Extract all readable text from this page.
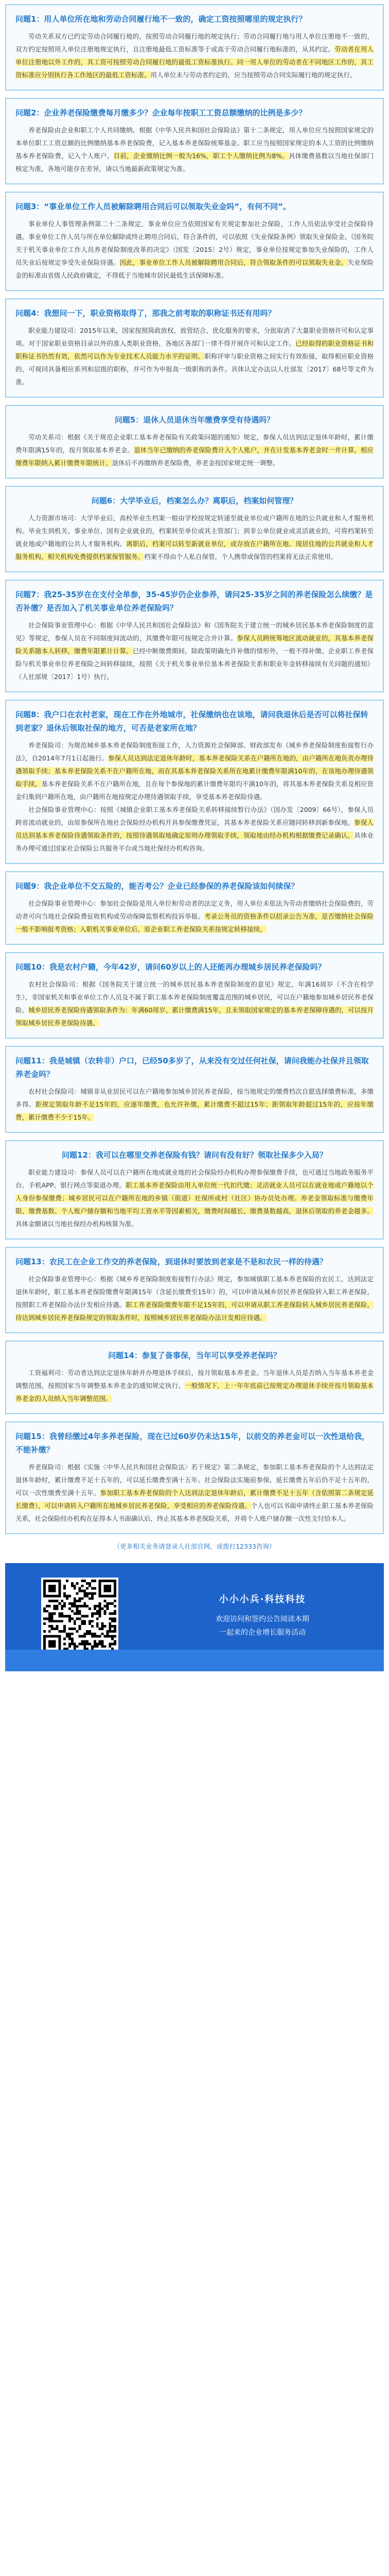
问题1：用人单位所在地和劳动合同履行地不一致的，确定工资按照哪里的规定执行？

劳动关系双方已约定劳动合同履行地的，按照劳动合同履行地的规定执行；劳动合同履行地与用人单位注册地不一致的，双方约定按照用人单位注册地规定执行，且注册地最低工资标准等于或高于劳动合同履行地标准的，从其约定。劳动者在用人单位注册地以外工作的，其工资可按照劳动合同履行地的最低工资标准执行。同一用人单位的劳动者在不同地区工作的，其工资标准应分别执行各工作地区的最低工资标准。用人单位未与劳动者约定的，应当按照劳动合同实际履行地的规定执行。

问题2：企业养老保险缴费每月缴多少？企业每年按职工工资总额缴纳的比例是多少？

养老保险由企业和职工个人共同缴纳。根据《中华人民共和国社会保险法》第十二条规定，用人单位应当按照国家规定的本单位职工工资总额的比例缴纳基本养老保险费，记入基本养老保险统筹基金。职工应当按照国家规定的本人工资的比例缴纳基本养老保险费，记入个人账户。目前，企业缴纳比例一般为16%，职工个人缴纳比例为8%。具体缴费基数以当地社保部门核定为准，各地可能存在差异，请以当地最新政策规定为准。

问题3：“事业单位工作人员被解除聘用合同后可以领取失业金吗”，有何不同”。

事业单位人事管理条例第二十二条规定，事业单位应当依照国家有关规定参加社会保险，工作人员依法享受社会保险待遇。事业单位工作人员与所在单位解除或终止聘用合同后，符合条件的，可以依照《失业保险条例》领取失业保险金。《国务院关于机关事业单位工作人员养老保险制度改革的决定》（国发〔2015〕2号）规定，事业单位按规定参加失业保险的，工作人员失业后按规定享受失业保险待遇。因此，事业单位工作人员被解除聘用合同后，符合领取条件的可以领取失业金。失业保险金的标准由省级人民政府确定，不得低于当地城市居民最低生活保障标准。

问题4：我想问一下，职业资格取得了，那我之前考取的职称证书还有用吗？

职业能力建设司：2015年以来，国家按照简政放权、放管结合、优化服务的要求，分批取消了大量职业资格许可和认定事项。对于国家职业资格目录以外的准入类职业资格，各地区各部门一律不得开展许可和认定工作。已经取得的职业资格证书和职称证书仍然有效，依然可以作为专业技术人员能力水平的证明。职称评审与职业资格之间实行有效衔接，取得相应职业资格的，可视同具备相应系列和层级的职称，并可作为申报高一级职称的条件。具体认定办法以人社部发〔2017〕68号等文件为准。

问题5：退休人员退休当年缴费享受有待遇吗？

劳动关系司：根据《关于规范企业职工基本养老保险有关政策问题的通知》规定，参保人员达到法定退休年龄时，累计缴费年限满15年的，按月领取基本养老金。退休当年已缴纳的养老保险费计入个人账户，并在计发基本养老金时一并计算，相应缴费年限纳入累计缴费年限统计。退休后不再缴纳养老保险费，养老金按国家规定统一调整。

问题6：大学毕业后，档案怎么办？离职后，档案如何管理？

人力资源市场司：大学毕业后，高校毕业生档案一般由学校按规定转递至就业单位或户籍所在地的公共就业和人才服务机构。毕业生到机关、事业单位、国有企业就业的，档案转至单位或其主管部门；到非公单位就业或灵活就业的，可将档案转至就业地或户籍地的公共人才服务机构。离职后，档案可以转至新就业单位，或存放在户籍所在地、现居住地的公共就业和人才服务机构，相关机构免费提供档案保管服务。档案不得由个人私自保管，个人携带或保管的档案将无法正常使用。

问题7：我25-35岁在在支付全单参，35-45岁仍企业参养，请问25-35岁之间的养老保险怎么续缴？是否补缴？是否加入了机关事业单位养老保险吗？

社会保险事业管理中心：根据《中华人民共和国社会保险法》和《国务院关于建立统一的城乡居民基本养老保险制度的意见》等规定，参保人员在不同制度间流动的，其缴费年限可按规定合并计算。参保人员跨统筹地区流动就业的，其基本养老保险关系随本人转移，缴费年限累计计算。已经中断缴费期间，除政策明确允许补缴的情形外，一般不得补缴。企业职工养老保险与机关事业单位养老保险之间转移接续，按照《关于机关事业单位基本养老保险关系和职业年金转移接续有关问题的通知》（人社部规〔2017〕1号）执行。

问题8：我户口在农村老家，现在工作在外地城市，社保缴纳也在该地，请问我退休后是否可以将社保转到老家？退休后领取社保的地方，可否是老家所在地？

养老保险司：为规范城乡基本养老保险制度衔接工作，人力资源社会保障部、财政部发布《城乡养老保险制度衔接暂行办法》，自2014年7月1日起施行。参保人员达到法定退休年龄时，基本养老保险关系在户籍所在地的，由户籍所在地负责办理待遇领取手续；基本养老保险关系不在户籍所在地，而在其基本养老保险关系所在地累计缴费年限满10年的，在该地办理待遇领取手续。基本养老保险关系不在户籍所在地，且在每个参保地的累计缴费年限均不满10年的，将其基本养老保险关系及相应资金归集到户籍所在地，由户籍所在地按规定办理待遇领取手续，享受基本养老保险待遇。

社会保险事业管理中心：按照《城镇企业职工基本养老保险关系转移接续暂行办法》（国办发〔2009〕66号），参保人员跨省流动就业的，由原参保所在地社会保险经办机构开具参保缴费凭证，其基本养老保险关系应随同转移到新参保地。参保人员达到基本养老保险待遇领取条件的，按照待遇领取地确定原则办理领取手续，领取地由经办机构根据缴费记录确认。具体业务办理可通过国家社会保险公共服务平台或当地社保经办机构咨询。

问题9：我企业单位不交五险的，能否考公？企业已经参保的养老保险该如何续保？

社会保险事业管理中心：参加社会保险是用人单位和劳动者的法定义务，用人单位未依法为劳动者缴纳社会保险费的，劳动者可向当地社会保险费征收机构或劳动保障监察机构投诉举报。考录公务员的资格条件以招录公告为准，是否缴纳社会保险一般不影响报考资格；入职机关事业单位后，原企业职工养老保险关系按规定转移接续。

问题10：我是农村户籍，今年42岁，请问60岁以上的人还能再办理城乡居民养老保险吗？

农村社会保险司：根据《国务院关于建立统一的城乡居民基本养老保险制度的意见》规定，年满16周岁（不含在校学生），非国家机关和事业单位工作人员及不属于职工基本养老保险制度覆盖范围的城乡居民，可以在户籍地参加城乡居民养老保险。城乡居民养老保险待遇领取条件为：年满60周岁、累计缴费满15年，且未领取国家规定的基本养老保障待遇的，可以按月领取城乡居民养老保险待遇。

问题11：我是城镇（农转非）户口，已经50多岁了，从来没有交过任何社保，请问我能办社保并且领取养老金吗？

农村社会保险司：城镇非从业居民可以在户籍地参加城乡居民养老保险，按当地规定的缴费档次自愿选择缴费标准，多缴多得。距规定领取年龄不足15年的，应逐年缴费，也允许补缴，累计缴费不超过15年；距领取年龄超过15年的，应按年缴费，累计缴费不少于15年。

问题12：我可以在哪里交养老保险有钱？请问有没有好？领取社保多少入局？

职业能力建设司：参保人员可以在户籍所在地或就业地的社会保险经办机构办理参保缴费手续，也可通过当地政务服务平台、手机APP、银行网点等渠道办理。职工基本养老保险由用人单位统一代扣代缴；灵活就业人员可以在就业地或户籍地以个人身份参保缴费；城乡居民可以在户籍所在地的乡镇（街道）社保所或村（社区）协办员处办理。养老金领取标准与缴费年限、缴费基数、个人账户储存额和当地平均工资水平等因素相关，缴费时间越长、缴费基数越高，退休后领取的养老金越多。具体金额请以当地社保经办机构核算为准。

问题13：农民工在企业工作交的养老保险，到退休时要放到老家是不是和农民一样的待遇？

社会保险事业管理中心：根据《城乡养老保险制度衔接暂行办法》规定，参加城镇职工基本养老保险的农民工，达到法定退休年龄时，职工基本养老保险缴费年限满15年（含延长缴费至15年）的，可以申请从城乡居民养老保险转入职工养老保险，按照职工养老保险办法计发相应待遇。职工养老保险缴费年限不足15年的，可以申请从职工养老保险转入城乡居民养老保险，待达到城乡居民养老保险规定的领取条件时，按照城乡居民养老保险办法计发相应待遇。

问题14：参复了备事保，当年可以享受养老保吗？

工资福利司：劳动者达到法定退休年龄并办理退休手续后，按月领取基本养老金。当年退休人员是否纳入当年基本养老金调整范围，按照国家当年调整基本养老金的通知规定执行。一般情况下，上一年年底前已按规定办理退休手续并按月领取基本养老金的人员纳入当年调整范围。

问题15：我曾经缴过4年多养老保险，现在已过60岁仍未达15年，以前交的养老金可以一次性退给我，不能补缴？

养老保险司：根据《实施〈中华人民共和国社会保险法〉若干规定》第二条规定，参加职工基本养老保险的个人达到法定退休年龄时，累计缴费不足十五年的，可以延长缴费至满十五年。社会保险法实施前参保、延长缴费五年后仍不足十五年的，可以一次性缴费至满十五年。参加职工基本养老保险的个人达到法定退休年龄后，累计缴费不足十五年（含依照第二条规定延长缴费），可以申请转入户籍所在地城乡居民养老保险，享受相应的养老保险待遇。个人也可以书面申请终止职工基本养老保险关系，社会保险经办机构在征得本人书面确认后，终止其基本养老保险关系，并将个人账户储存额一次性支付给本人。

（更多相关业务请登录人社部官网，或拨打12333咨询）

小小小兵·科技科技
欢迎访问和签约公告阅读本期
一起来的企业增长服务活动
